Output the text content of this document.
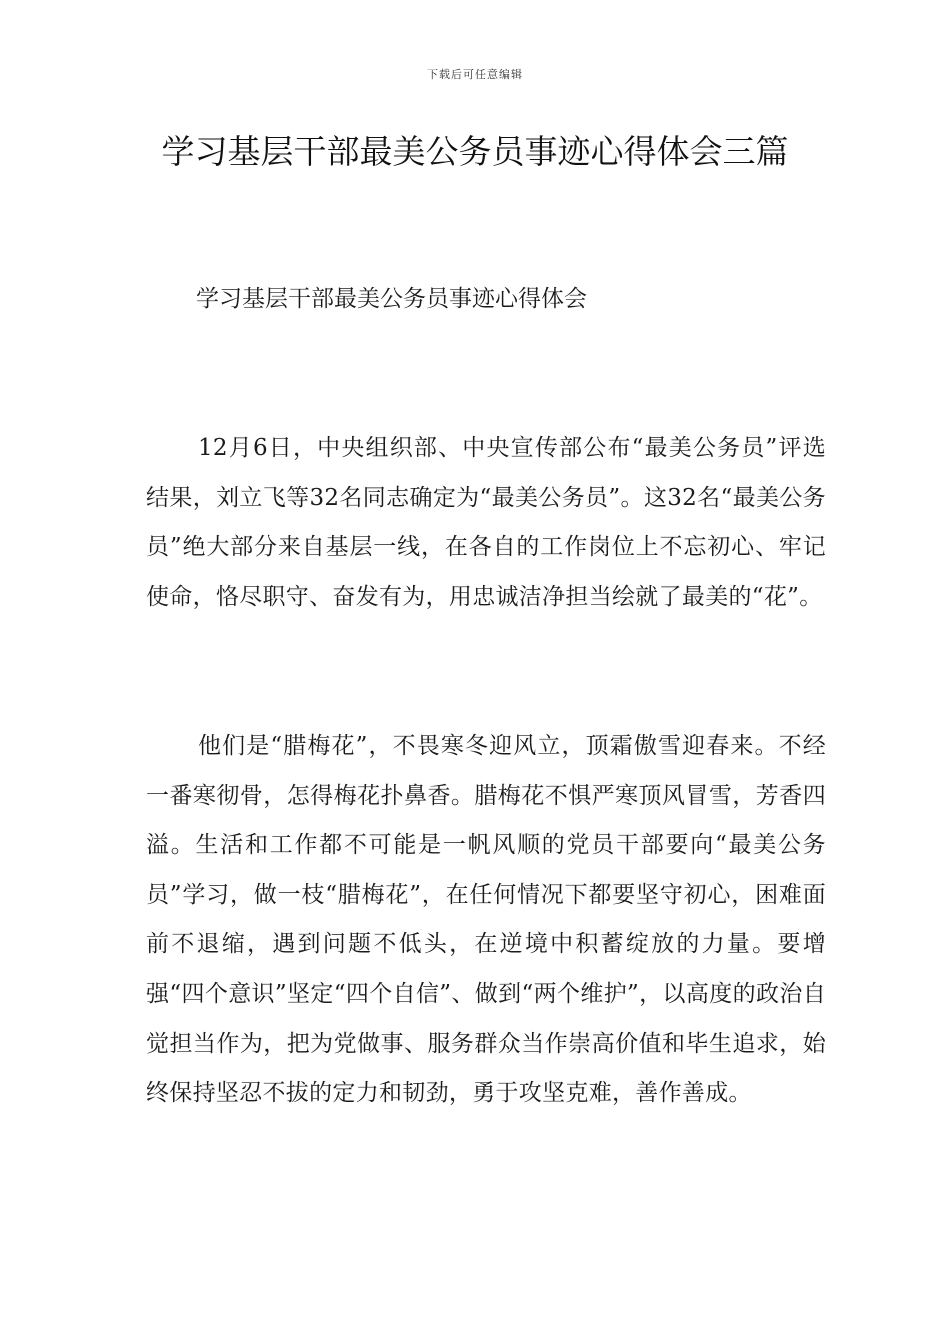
下载后可任意编辑
学习基层干部最美公务员事迹心得体会三篇

学习基层干部最美公务员事迹心得体会

12月6日，中央组织部、中央宣传部公布“最美公务员”评选结果，刘立飞等32名同志确定为“最美公务员”。这32名“最美公务员”绝大部分来自基层一线，在各自的工作岗位上不忘初心、牢记使命，恪尽职守、奋发有为，用忠诚洁净担当绘就了最美的“花”。

他们是“腊梅花”，不畏寒冬迎风立，顶霜傲雪迎春来。不经一番寒彻骨，怎得梅花扑鼻香。腊梅花不惧严寒顶风冒雪，芳香四溢。生活和工作都不可能是一帆风顺的党员干部要向“最美公务员”学习，做一枝“腊梅花”，在任何情况下都要坚守初心，困难面前不退缩，遇到问题不低头，在逆境中积蓄绽放的力量。要增强“四个意识”坚定“四个自信”、做到“两个维护”，以高度的政治自觉担当作为，把为党做事、服务群众当作崇高价值和毕生追求，始终保持坚忍不拔的定力和韧劲，勇于攻坚克难，善作善成。
